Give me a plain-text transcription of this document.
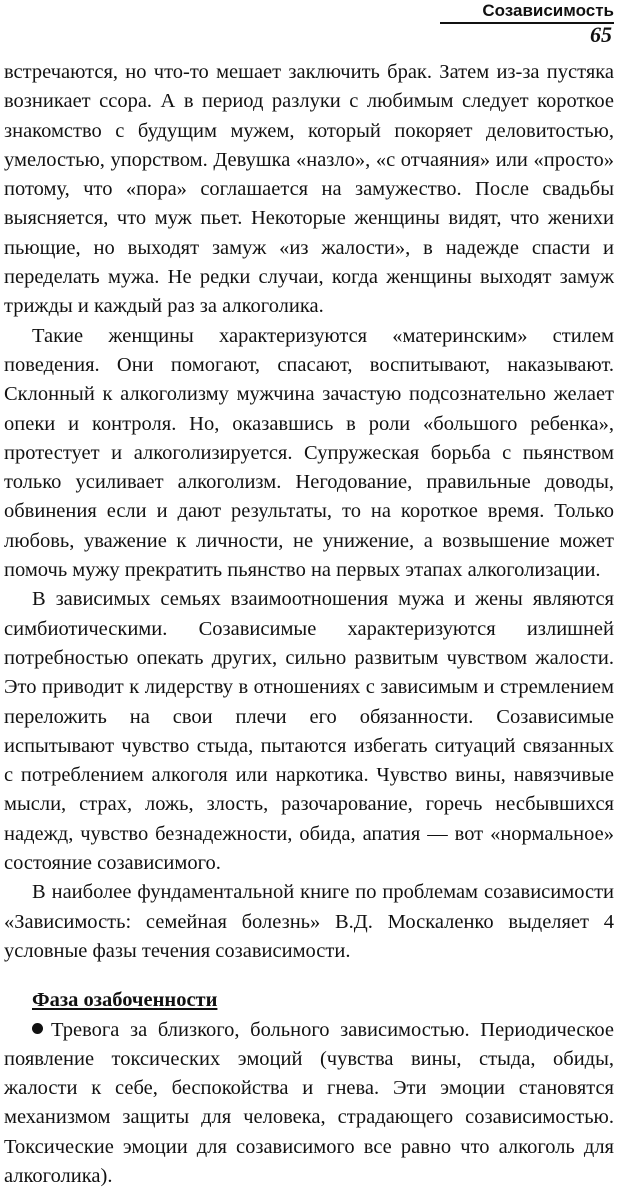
Созависимость
65

встречаются, но что-то мешает заключить брак. Затем из-за пустяка возникает ссора. А в период разлуки с любимым следует короткое знакомство с будущим мужем, который покоряет деловитостью, умелостью, упорством. Девушка «назло», «с отчаяния» или «просто» потому, что «пора» соглашается на замужество. После свадьбы выясняется, что муж пьет. Некоторые женщины видят, что женихи пьющие, но выходят замуж «из жалости», в надежде спасти и переделать мужа. Не редки случаи, когда женщины выходят замуж трижды и каждый раз за алкоголика.

Такие женщины характеризуются «материнским» стилем поведения. Они помогают, спасают, воспитывают, наказывают. Склонный к алкоголизму мужчина зачастую подсознательно желает опеки и контроля. Но, оказавшись в роли «большого ребенка», протестует и алкоголизируется. Супружеская борьба с пьянством только усиливает алкоголизм. Негодование, правильные доводы, обвинения если и дают результаты, то на короткое время. Только любовь, уважение к личности, не унижение, а возвышение может помочь мужу прекратить пьянство на первых этапах алкоголизации.

В зависимых семьях взаимоотношения мужа и жены являются симбиотическими. Созависимые характеризуются излишней потребностью опекать других, сильно развитым чувством жалости. Это приводит к лидерству в отношениях с зависимым и стремлением переложить на свои плечи его обязанности. Созависимые испытывают чувство стыда, пытаются избегать ситуаций связанных с потреблением алкоголя или наркотика. Чувство вины, навязчивые мысли, страх, ложь, злость, разочарование, горечь несбывшихся надежд, чувство безнадежности, обида, апатия — вот «нормальное» состояние созависимого.

В наиболее фундаментальной книге по проблемам созависимости «Зависимость: семейная болезнь» В.Д. Москаленко выделяет 4 условные фазы течения созависимости.

Фаза озабоченности

Тревога за близкого, больного зависимостью. Периодическое появление токсических эмоций (чувства вины, стыда, обиды, жалости к себе, беспокойства и гнева. Эти эмоции становятся механизмом защиты для человека, страдающего созависимостью. Токсические эмоции для созависимого все равно что алкоголь для алкоголика).
